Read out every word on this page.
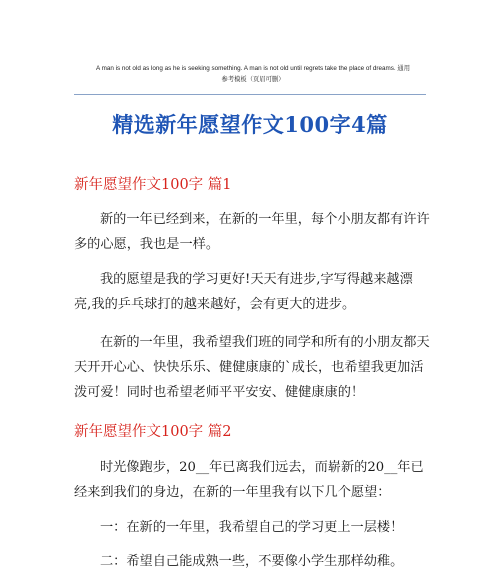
A man is not old as long as he is seeking something. A man is not old until regrets take the place of dreams. 通用
参考模板（页眉可删）
精选新年愿望作文100字4篇
新年愿望作文100字 篇1

新的一年已经到来，在新的一年里，每个小朋友都有许许多的心愿，我也是一样。

我的愿望是我的学习更好!天天有进步,字写得越来越漂亮,我的乒乓球打的越来越好，会有更大的进步。

在新的一年里，我希望我们班的同学和所有的小朋友都天天开开心心、快快乐乐、健健康康的`成长，也希望我更加活泼可爱！同时也希望老师平平安安、健健康康的！

新年愿望作文100字 篇2

时光像跑步，20__年已离我们远去，而崭新的20__年已经来到我们的身边，在新的一年里我有以下几个愿望：

一：在新的一年里，我希望自己的学习更上一层楼！

二：希望自己能成熟一些，不要像小学生那样幼稚。
